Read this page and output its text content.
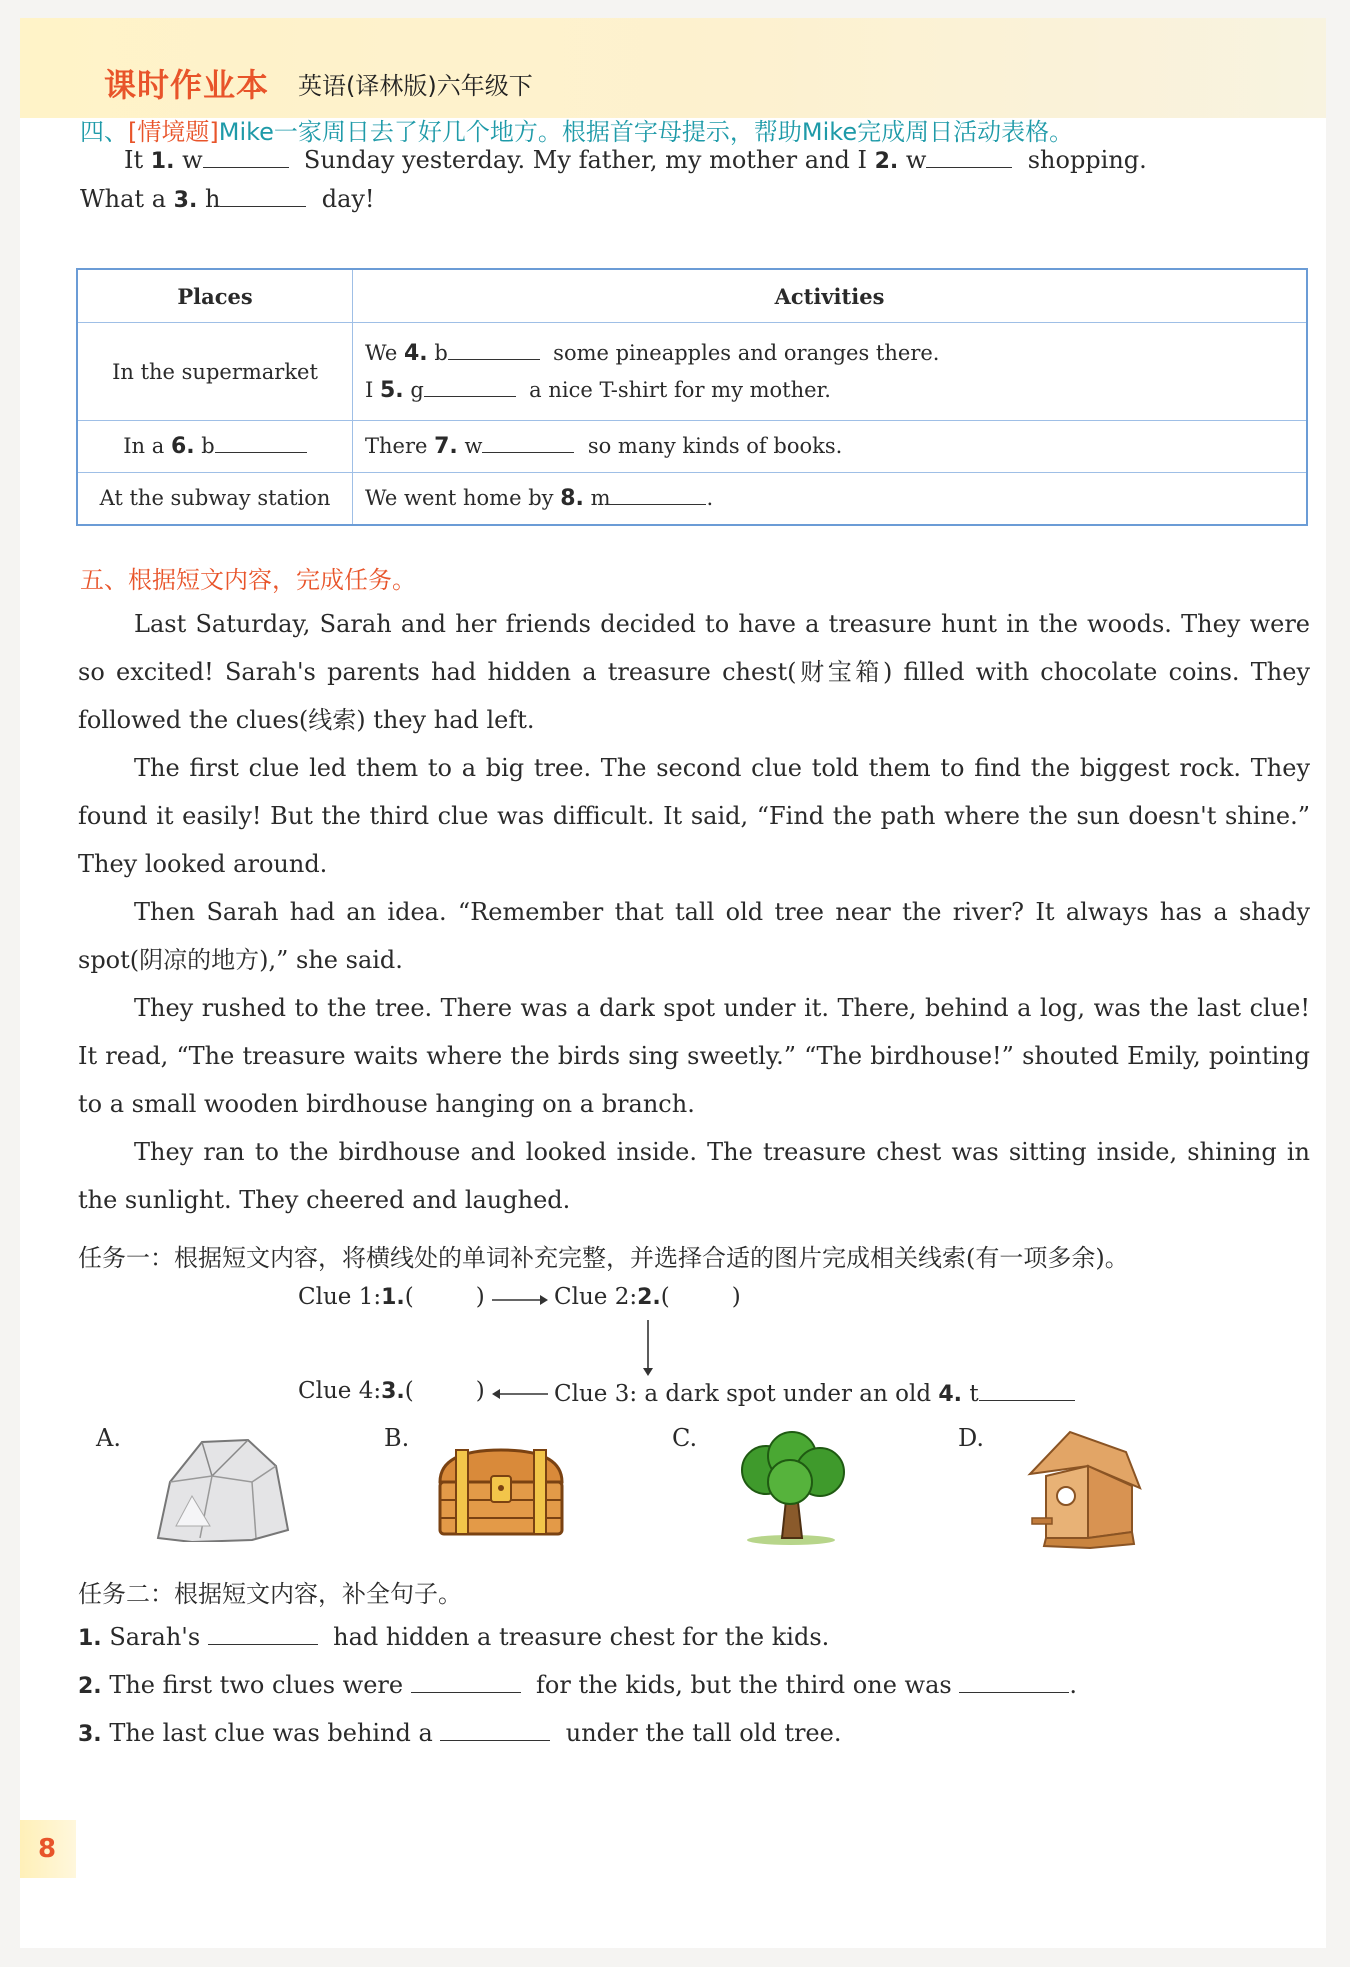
课时作业本 英语(译林版)六年级下
四、[情境题]Mike一家周日去了好几个地方。根据首字母提示，帮助Mike完成周日活动表格。
It 1. w	Sunday yesterday. My father, my mother and I 2. w	shopping.
What a 3. h	day!
Places	Activities
In the supermarket	We 4. b some pineapples and oranges there.
I 5. g a nice T-shirt for my mother.

In a 6. b	There 7. w so many kinds of books.
At the subway station	We went home by 8. m .
五、根据短文内容，完成任务。

Last Saturday, Sarah and her friends decided to have a treasure hunt in the woods. They were so excited! Sarah's parents had hidden a treasure chest(财宝箱) filled with chocolate coins. They followed the clues(线索) they had left.

The first clue led them to a big tree. The second clue told them to find the biggest rock. They found it easily! But the third clue was difficult. It said, “Find the path where the sun doesn't shine.” They looked around.

Then Sarah had an idea. “Remember that tall old tree near the river? It always has a shady spot(阴凉的地方),” she said.

They rushed to the tree. There was a dark spot under it. There, behind a log, was the last clue! It read, “The treasure waits where the birds sing sweetly.” “The birdhouse!” shouted Emily, pointing to a small wooden birdhouse hanging on a branch.

They ran to the birdhouse and looked inside. The treasure chest was sitting inside, shining in the sunlight. They cheered and laughed.

任务一：根据短文内容，将横线处的单词补充完整，并选择合适的图片完成相关线索(有一项多余)。
Clue 1:1.(	)	Clue 2:2.(	)
Clue 4:3.(	)	Clue 3: a dark spot under an old 4. t
A.	B.	C.	D.
任务二：根据短文内容，补全句子。
1. Sarah's	had hidden a treasure chest for the kids.
2. The first two clues were	for the kids, but the third one was	.
3. The last clue was behind a	under the tall old tree.
8
